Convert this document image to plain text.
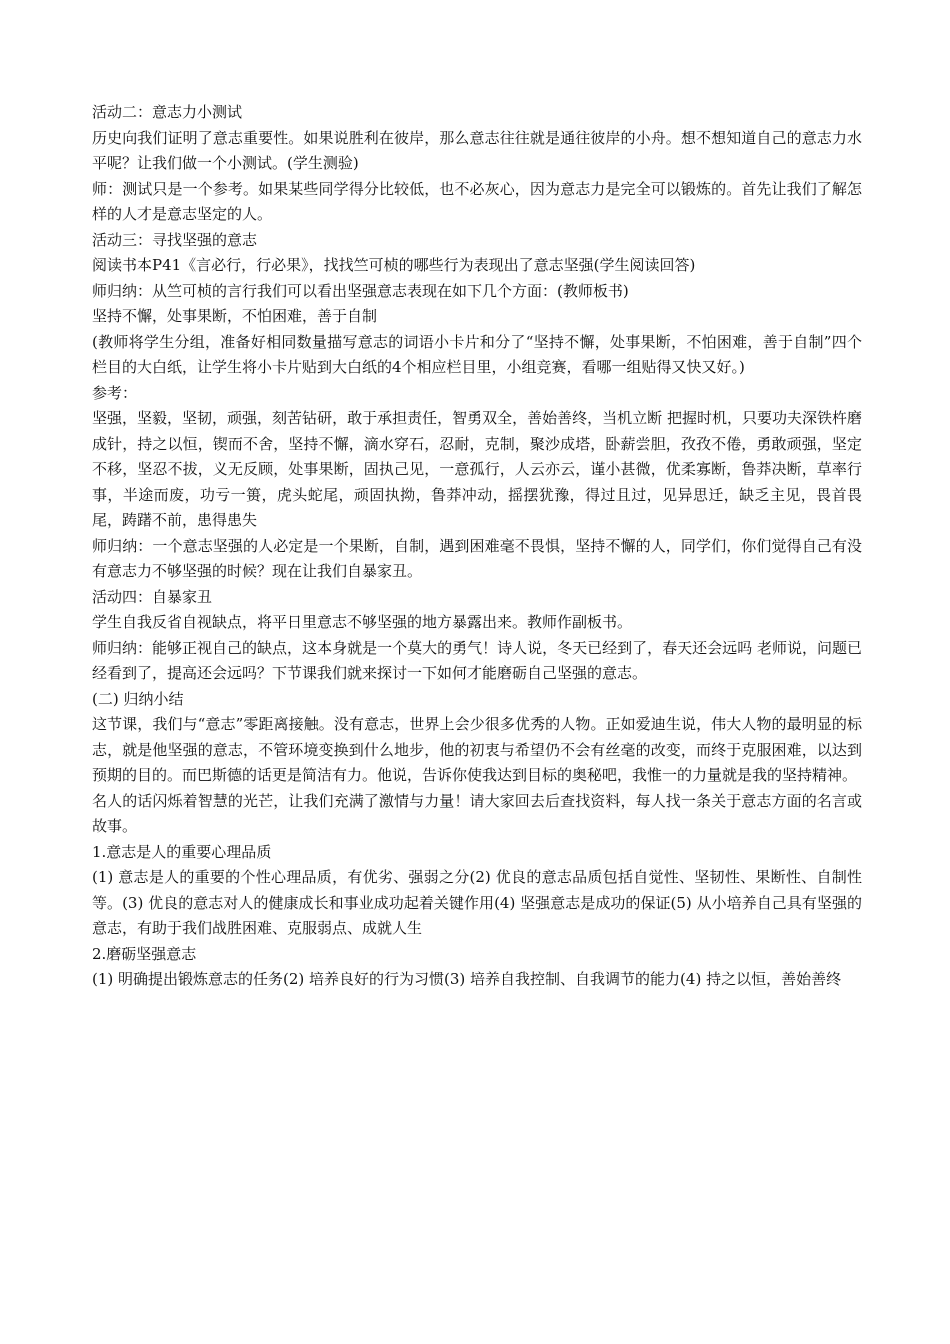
活动二：意志力小测试

历史向我们证明了意志重要性。如果说胜利在彼岸，那么意志往往就是通往彼岸的小舟。想不想知道自己的意志力水平呢？让我们做一个小测试。(学生测验)

师：测试只是一个参考。如果某些同学得分比较低，也不必灰心，因为意志力是完全可以锻炼的。首先让我们了解怎样的人才是意志坚定的人。

活动三：寻找坚强的意志

阅读书本P41《言必行，行必果》，找找竺可桢的哪些行为表现出了意志坚强(学生阅读回答)

师归纳：从竺可桢的言行我们可以看出坚强意志表现在如下几个方面：(教师板书)

坚持不懈，处事果断，不怕困难，善于自制

(教师将学生分组，准备好相同数量描写意志的词语小卡片和分了“坚持不懈，处事果断，不怕困难，善于自制”四个栏目的大白纸，让学生将小卡片贴到大白纸的4个相应栏目里，小组竞赛，看哪一组贴得又快又好。)

参考：

坚强，坚毅，坚韧，顽强，刻苦钻研，敢于承担责任，智勇双全，善始善终，当机立断 把握时机，只要功夫深铁杵磨成针，持之以恒，锲而不舍，坚持不懈，滴水穿石，忍耐，克制，聚沙成塔，卧薪尝胆，孜孜不倦，勇敢顽强，坚定不移，坚忍不拔，义无反顾，处事果断，固执己见，一意孤行，人云亦云，谨小甚微，优柔寡断，鲁莽决断，草率行事，半途而废，功亏一篑，虎头蛇尾，顽固执拗，鲁莽冲动，摇摆犹豫，得过且过，见异思迁，缺乏主见，畏首畏尾，踌躇不前，患得患失

师归纳：一个意志坚强的人必定是一个果断，自制，遇到困难毫不畏惧，坚持不懈的人，同学们，你们觉得自己有没有意志力不够坚强的时候？现在让我们自暴家丑。

活动四：自暴家丑

学生自我反省自视缺点，将平日里意志不够坚强的地方暴露出来。教师作副板书。

师归纳：能够正视自己的缺点，这本身就是一个莫大的勇气！诗人说，冬天已经到了，春天还会远吗 老师说，问题已经看到了，提高还会远吗？下节课我们就来探讨一下如何才能磨砺自己坚强的意志。

(二) 归纳小结

这节课，我们与“意志”零距离接触。没有意志，世界上会少很多优秀的人物。正如爱迪生说，伟大人物的最明显的标志，就是他坚强的意志，不管环境变换到什么地步，他的初衷与希望仍不会有丝毫的改变，而终于克服困难，以达到预期的目的。而巴斯德的话更是简洁有力。他说，告诉你使我达到目标的奥秘吧，我惟一的力量就是我的坚持精神。

名人的话闪烁着智慧的光芒，让我们充满了激情与力量！请大家回去后查找资料，每人找一条关于意志方面的名言或故事。

1.意志是人的重要心理品质

(1) 意志是人的重要的个性心理品质，有优劣、强弱之分(2) 优良的意志品质包括自觉性、坚韧性、果断性、自制性等。(3) 优良的意志对人的健康成长和事业成功起着关键作用(4) 坚强意志是成功的保证(5) 从小培养自己具有坚强的意志，有助于我们战胜困难、克服弱点、成就人生

2.磨砺坚强意志

(1) 明确提出锻炼意志的任务(2) 培养良好的行为习惯(3) 培养自我控制、自我调节的能力(4) 持之以恒，善始善终
